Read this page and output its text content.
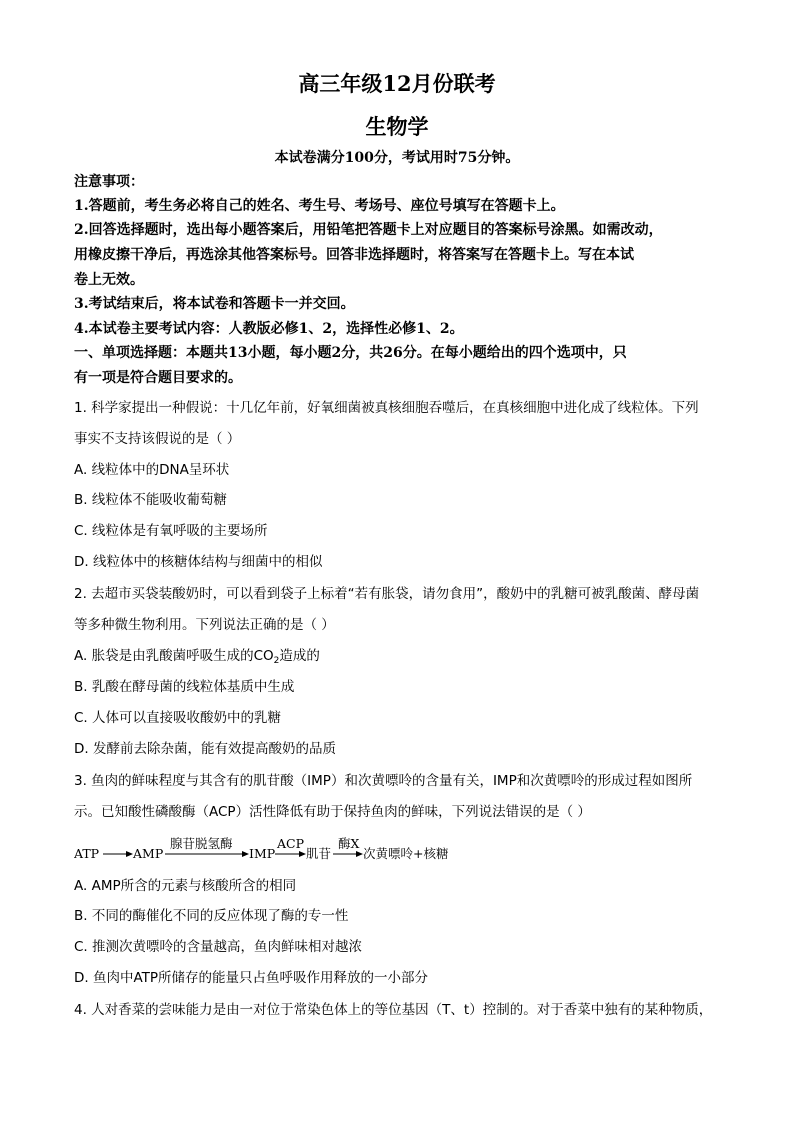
高三年级12月份联考
生物学
本试卷满分100分，考试用时75分钟。
注意事项：
1.答题前，考生务必将自己的姓名、考生号、考场号、座位号填写在答题卡上。
2.回答选择题时，选出每小题答案后，用铅笔把答题卡上对应题目的答案标号涂黑。如需改动，
用橡皮擦干净后，再选涂其他答案标号。回答非选择题时，将答案写在答题卡上。写在本试
卷上无效。
3.考试结束后，将本试卷和答题卡一并交回。
4.本试卷主要考试内容：人教版必修1、2，选择性必修1、2。
一、单项选择题：本题共13小题，每小题2分，共26分。在每小题给出的四个选项中，只
有一项是符合题目要求的。
1. 科学家提出一种假说：十几亿年前，好氧细菌被真核细胞吞噬后，在真核细胞中进化成了线粒体。下列
事实不支持该假说的是（ ）
A. 线粒体中的DNA呈环状
B. 线粒体不能吸收葡萄糖
C. 线粒体是有氧呼吸的主要场所
D. 线粒体中的核糖体结构与细菌中的相似
2. 去超市买袋装酸奶时，可以看到袋子上标着“若有胀袋，请勿食用”，酸奶中的乳糖可被乳酸菌、酵母菌
等多种微生物利用。下列说法正确的是（ ）
A. 胀袋是由乳酸菌呼吸生成的$CO_2$造成的
B. 乳酸在酵母菌的线粒体基质中生成
C. 人体可以直接吸收酸奶中的乳糖
D. 发酵前去除杂菌，能有效提高酸奶的品质
3. 鱼肉的鲜味程度与其含有的肌苷酸（IMP）和次黄嘌呤的含量有关，IMP和次黄嘌呤的形成过程如图所
示。已知酸性磷酸酶（ACP）活性降低有助于保持鱼肉的鲜味，下列说法错误的是（ ）
ATP	AMP
腺苷脱氢酶
IMP
ACP
肌苷
酶X
次黄嘌呤+核糖
A. AMP所含的元素与核酸所含的相同
B. 不同的酶催化不同的反应体现了酶的专一性
C. 推测次黄嘌呤的含量越高，鱼肉鲜味相对越浓
D. 鱼肉中ATP所储存的能量只占鱼呼吸作用释放的一小部分
4. 人对香菜的尝味能力是由一对位于常染色体上的等位基因（T、t）控制的。对于香菜中独有的某种物质，
